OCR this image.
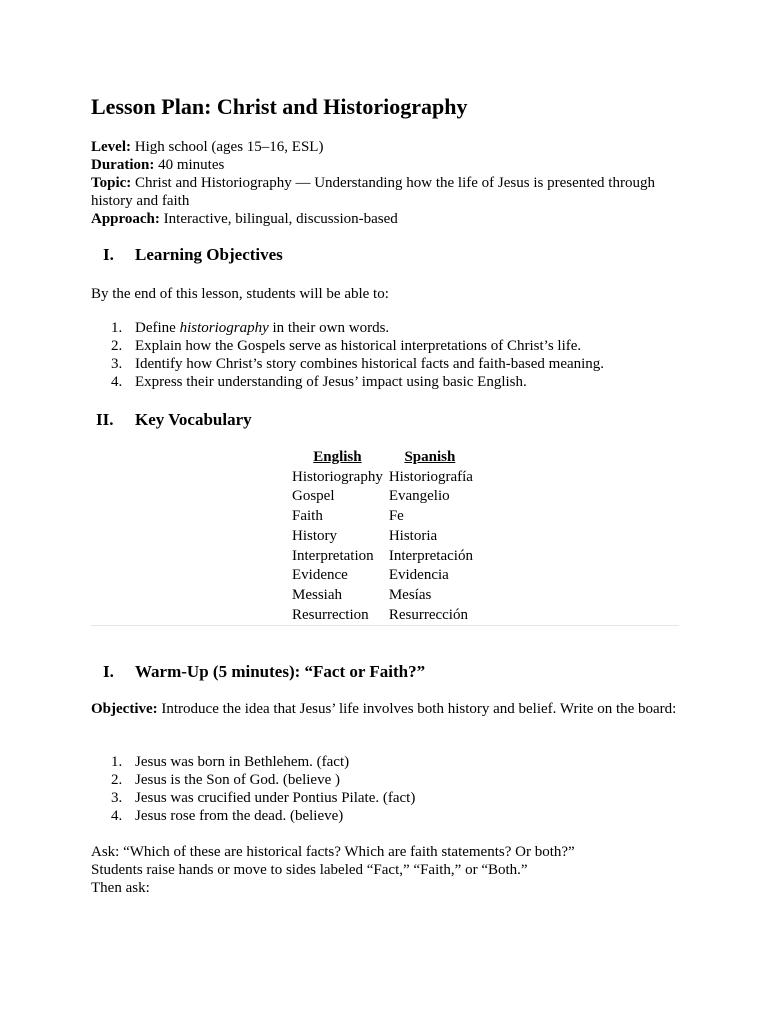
Lesson Plan: Christ and Historiography

Level: High school (ages 15–16, ESL)

Duration: 40 minutes

Topic: Christ and Historiography — Understanding how the life of Jesus is presented through history and faith

Approach: Interactive, bilingual, discussion-based

I. Learning Objectives

By the end of this lesson, students will be able to:

1. Define historiography in their own words.
2. Explain how the Gospels serve as historical interpretations of Christ’s life.
3. Identify how Christ’s story combines historical facts and faith-based meaning.
4. Express their understanding of Jesus’ impact using basic English.
II. Key Vocabulary
English	Spanish
Historiography	Historiografía
Gospel	Evangelio
Faith	Fe
History	Historia
Interpretation	Interpretación
Evidence	Evidencia
Messiah	Mesías
Resurrection	Resurrección
I. Warm-Up (5 minutes): “Fact or Faith?”

Objective: Introduce the idea that Jesus’ life involves both history and belief. Write on the board:

1. Jesus was born in Bethlehem. (fact)
2. Jesus is the Son of God. (believe )
3. Jesus was crucified under Pontius Pilate. (fact)
4. Jesus rose from the dead. (believe)
Ask: “Which of these are historical facts? Which are faith statements? Or both?”
Students raise hands or move to sides labeled “Fact,” “Faith,” or “Both.”
Then ask:
